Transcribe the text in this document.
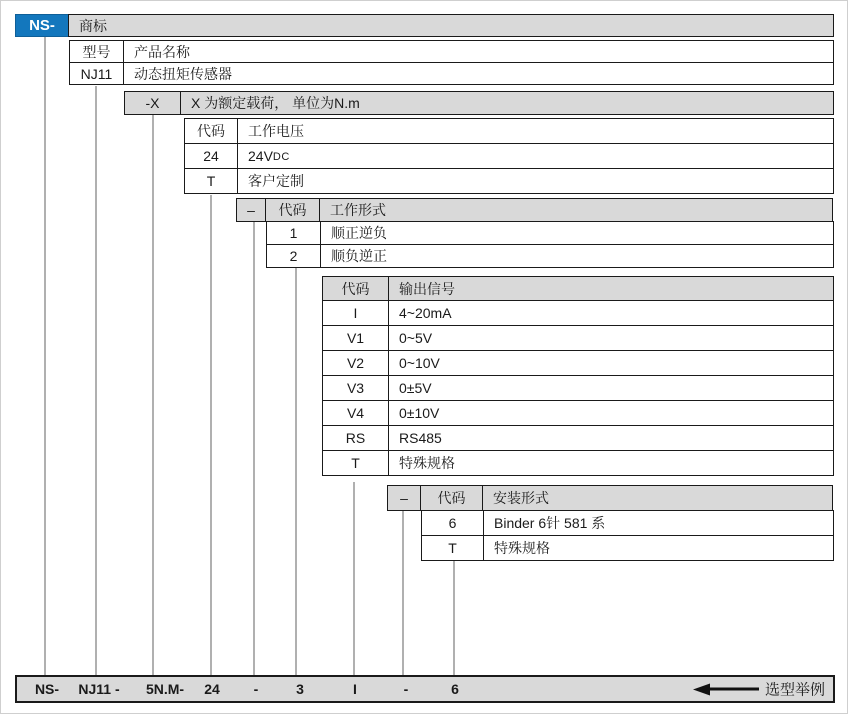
NS-	商标
型号	产品名称
NJ11	动态扭矩传感器
-X	X 为额定载荷， 单位为N.m
代码	工作电压
24	24V DC
T	客户定制
–	代码	工作形式
1	顺正逆负
2	顺负逆正
代码	输出信号
I	4~20mA
V1	0~5V
V2	0~10V
V3	0±5V
V4	0±10V
RS	RS485
T	特殊规格
–	代码	安装形式
6	Binder 6针 581 系
T	特殊规格
NS- NJ11 - 5N.M- 24 -	3	I	-	6	选型举例
